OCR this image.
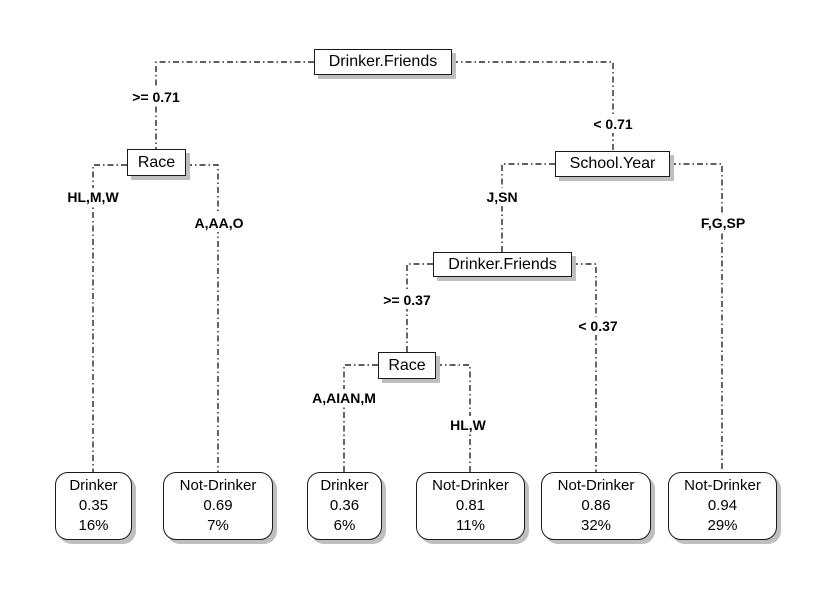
Drinker.Friends
Race	School.Year
Drinker.Friends
Race
>= 0.71
< 0.71
HL,M,W
A,AA,O
J,SN
F,G,SP
>= 0.37
< 0.37
A,AIAN,M
HL,W
Drinker
0.35
16%
Not-Drinker
0.69
7%
Drinker
0.36
6%
Not-Drinker
0.81
11%
Not-Drinker
0.86
32%
Not-Drinker
0.94
29%
